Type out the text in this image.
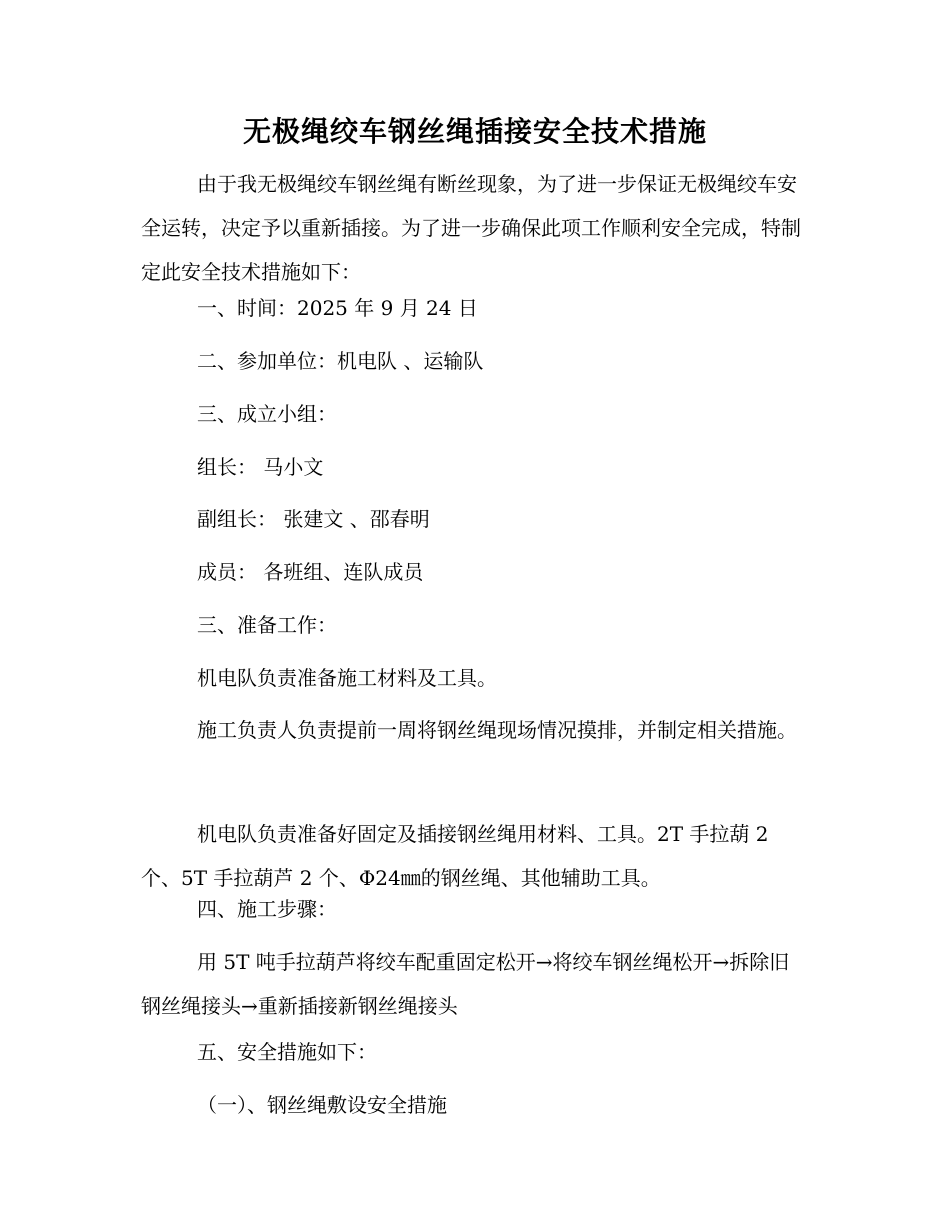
无极绳绞车钢丝绳插接安全技术措施

由于我无极绳绞车钢丝绳有断丝现象，为了进一步保证无极绳绞车安全运转，决定予以重新插接。为了进一步确保此项工作顺利安全完成，特制定此安全技术措施如下：

一、时间：2025 年 9 月 24 日
二、参加单位：机电队 、运输队
三、成立小组：
组长： 马小文
副组长： 张建文 、邵春明
成员： 各班组、连队成员
三、准备工作：
机电队负责准备施工材料及工具。

施工负责人负责提前一周将钢丝绳现场情况摸排，并制定相关措施。

机电队负责准备好固定及插接钢丝绳用材料、工具。2T 手拉葫 2 个、5T 手拉葫芦 2 个、Φ24㎜的钢丝绳、其他辅助工具。

四、施工步骤：

用 5T 吨手拉葫芦将绞车配重固定松开→将绞车钢丝绳松开→拆除旧钢丝绳接头→重新插接新钢丝绳接头

五、安全措施如下：
（一）、钢丝绳敷设安全措施
